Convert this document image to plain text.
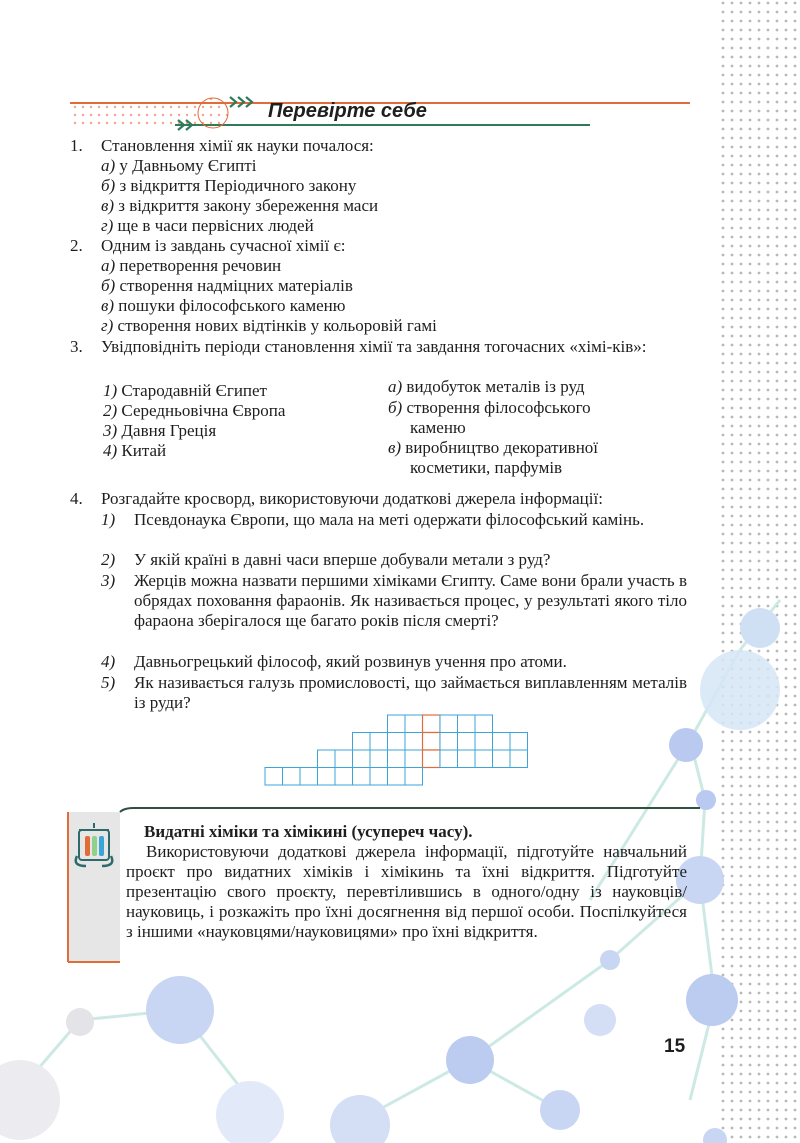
Перевірте себе
1.	Становлення хімії як науки почалося:
а) у Давньому Єгипті
б) з відкриття Періодичного закону
в) з відкриття закону збереження маси
г) ще в часи первісних людей
2.	Одним із завдань сучасної хімії є:
а) перетворення речовин
б) створення надміцних матеріалів
в) пошуки філософського каменю
г) створення нових відтінків у кольоровій гамі
3.	Увідповідніть періоди становлення хімії та завдання тогочасних «хімі-ків»:
1) Стародавній Єгипет
2) Середньовічна Європа
3) Давня Греція
4) Китай
а) видобуток металів із руд
б) створення філософського каменю
в) виробництво декоративної косметики, парфумів
4.	Розгадайте кросворд, використовуючи додаткові джерела інформації:
1) Псевдонаука Європи, що мала на меті одержати філософський камінь.
2) У якій країні в давні часи вперше добували метали з руд?
3) Жерців можна назвати першими хіміками Єгипту. Саме вони брали участь в обрядах поховання фараонів. Як називається процес, у результаті якого тіло фараона зберігалося ще багато років після смерті?
4) Давньогрецький філософ, який розвинув учення про атоми.
5) Як називається галузь промисловості, що займається виплавленням металів із руди?
Видатні хіміки та хімікині (усупереч часу).
Використовуючи додаткові джерела інформації, підготуйте навчальний проєкт про видатних хіміків і хімікинь та їхні відкриття. Підготуйте презентацію свого проєкту, перевтілившись в одного/одну із науковців/науковиць, і розкажіть про їхні досягнення від першої особи. Поспілкуйтеся з іншими «науковцями/науковицями» про їхні відкриття.
15
